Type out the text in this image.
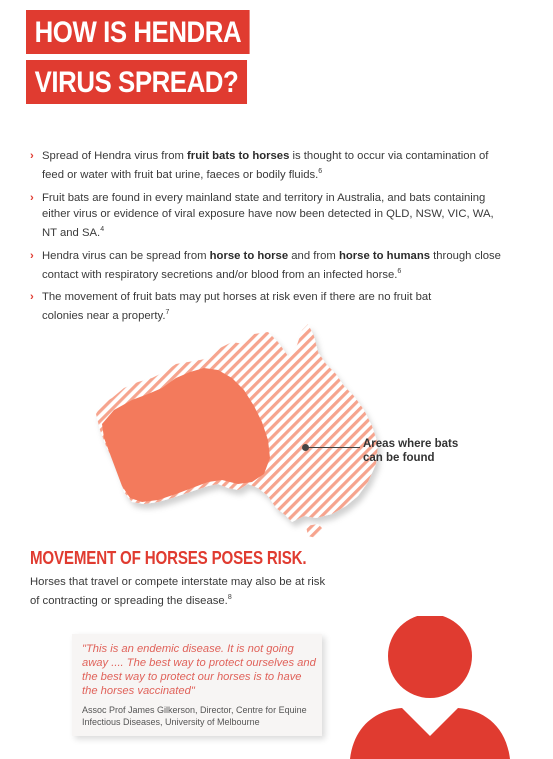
HOW IS HENDRA
VIRUS SPREAD?
› Spread of Hendra virus from fruit bats to horses is thought to occur via contamination of feed or water with fruit bat urine, faeces or bodily fluids.$^6$
› Fruit bats are found in every mainland state and territory in Australia, and bats containing either virus or evidence of viral exposure have now been detected in QLD, NSW, VIC, WA, NT and SA.$^4$
› Hendra virus can be spread from horse to horse and from horse to humans through close contact with respiratory secretions and/or blood from an infected horse.$^6$
› The movement of fruit bats may put horses at risk even if there are no fruit bat colonies near a property.$^7$
Areas where bats
can be found
MOVEMENT OF HORSES POSES RISK.
Horses that travel or compete interstate may also be at risk of contracting or spreading the disease.$^8$
"This is an endemic disease. It is not going away .... The best way to protect ourselves and the best way to protect our horses is to have the horses vaccinated"
Assoc Prof James Gilkerson, Director, Centre for Equine Infectious Diseases, University of Melbourne
